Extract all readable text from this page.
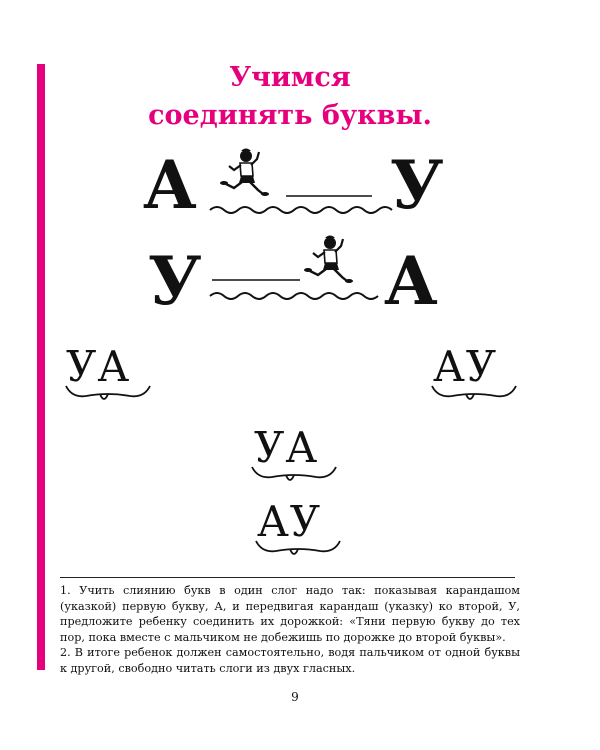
Учимся
соединять буквы.
А	У
У	А
УА	АУ
УА
АУ
1. Учить слиянию букв в один слог надо так: показывая карандашом (указкой) первую букву, А, и передвигая карандаш (указку) ко второй, У, предложите ребенку соединить их дорожкой: «Тяни первую букву до тех пор, пока вместе с мальчиком не добежишь по дорожке до второй буквы».
2. В итоге ребенок должен самостоятельно, водя пальчиком от одной буквы к другой, свободно читать слоги из двух гласных.
9
